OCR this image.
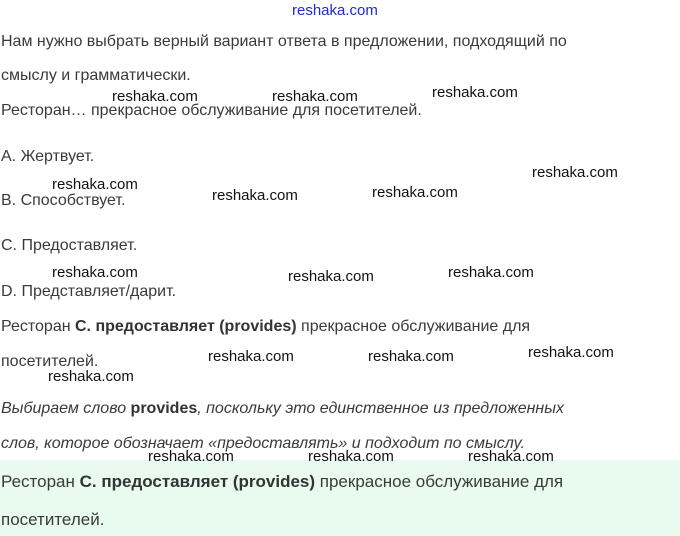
reshaka.com
Нам нужно выбрать верный вариант ответа в предложении, подходящий по
смыслу и грамматически.
Ресторан… прекрасное обслуживание для посетителей.
А. Жертвует.
В. Способствует.
С. Предоставляет.
D. Представляет/дарит.
Ресторан С. предоставляет (provides) прекрасное обслуживание для
посетителей.
Выбираем слово provides, поскольку это единственное из предложенных
слов, которое обозначает «предоставлять» и подходит по смыслу.
Ресторан С. предоставляет (provides) прекрасное обслуживание для
посетителей.
reshaka.com	reshaka.com	reshaka.com
reshaka.com
reshaka.com
reshaka.com	reshaka.com
reshaka.com	reshaka.com	reshaka.com
reshaka.com	reshaka.com	reshaka.com
reshaka.com
reshaka.com	reshaka.com	reshaka.com
